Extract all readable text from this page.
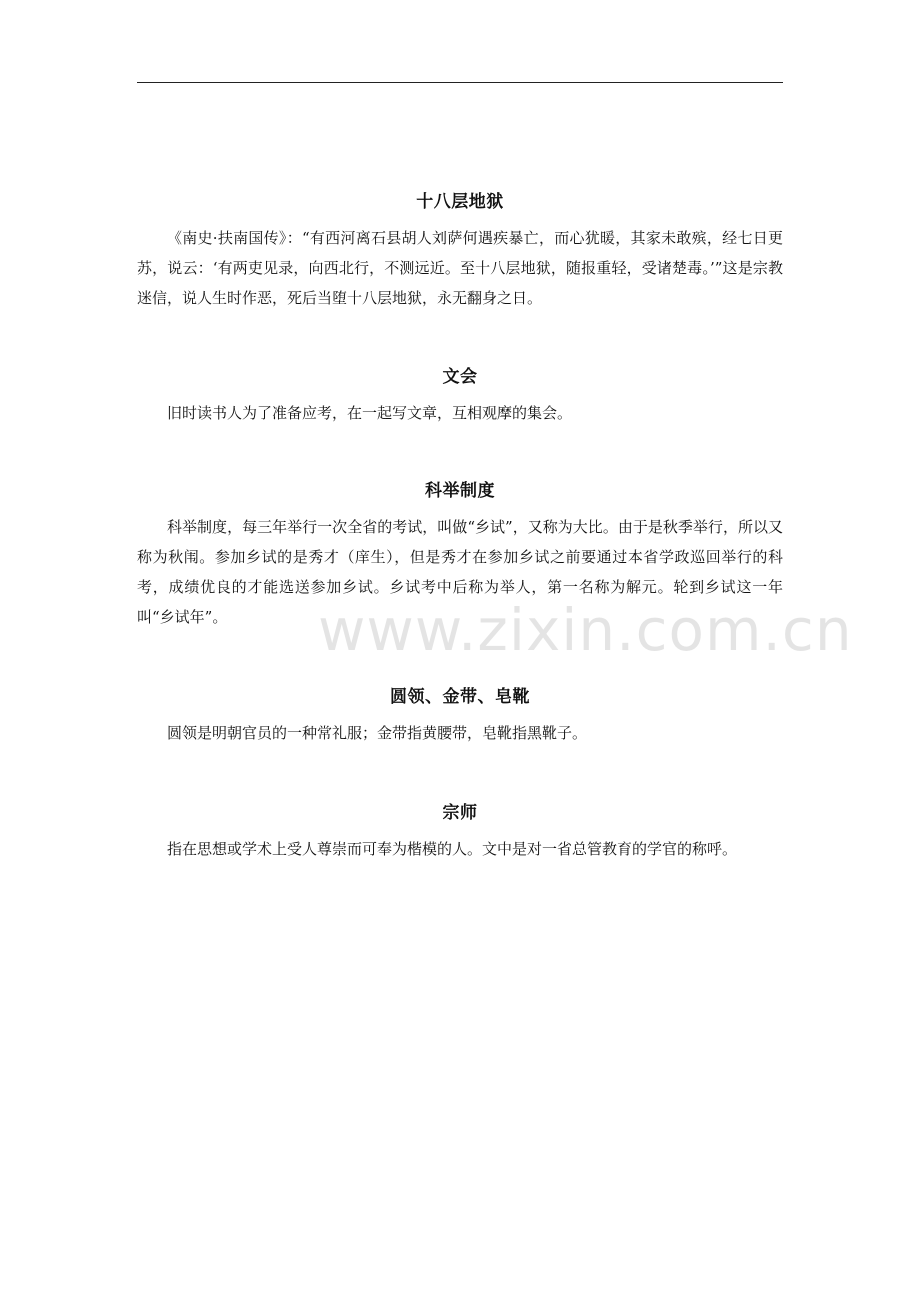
十八层地狱

《南史·扶南国传》：“有西河离石县胡人刘萨何遇疾暴亡，而心犹暖，其家未敢殡，经七日更苏，说云：‘有两吏见录，向西北行，不测远近。至十八层地狱，随报重轻，受诸楚毒。’”这是宗教迷信，说人生时作恶，死后当堕十八层地狱，永无翻身之日。

文会

旧时读书人为了准备应考，在一起写文章，互相观摩的集会。

科举制度

科举制度，每三年举行一次全省的考试，叫做“乡试”，又称为大比。由于是秋季举行，所以又称为秋闱。参加乡试的是秀才（庠生），但是秀才在参加乡试之前要通过本省学政巡回举行的科考，成绩优良的才能选送参加乡试。乡试考中后称为举人，第一名称为解元。轮到乡试这一年叫“乡试年”。

圆领、金带、皂靴

圆领是明朝官员的一种常礼服；金带指黄腰带，皂靴指黑靴子。

宗师

指在思想或学术上受人尊崇而可奉为楷模的人。文中是对一省总管教育的学官的称呼。

www.zixin.com.cn
